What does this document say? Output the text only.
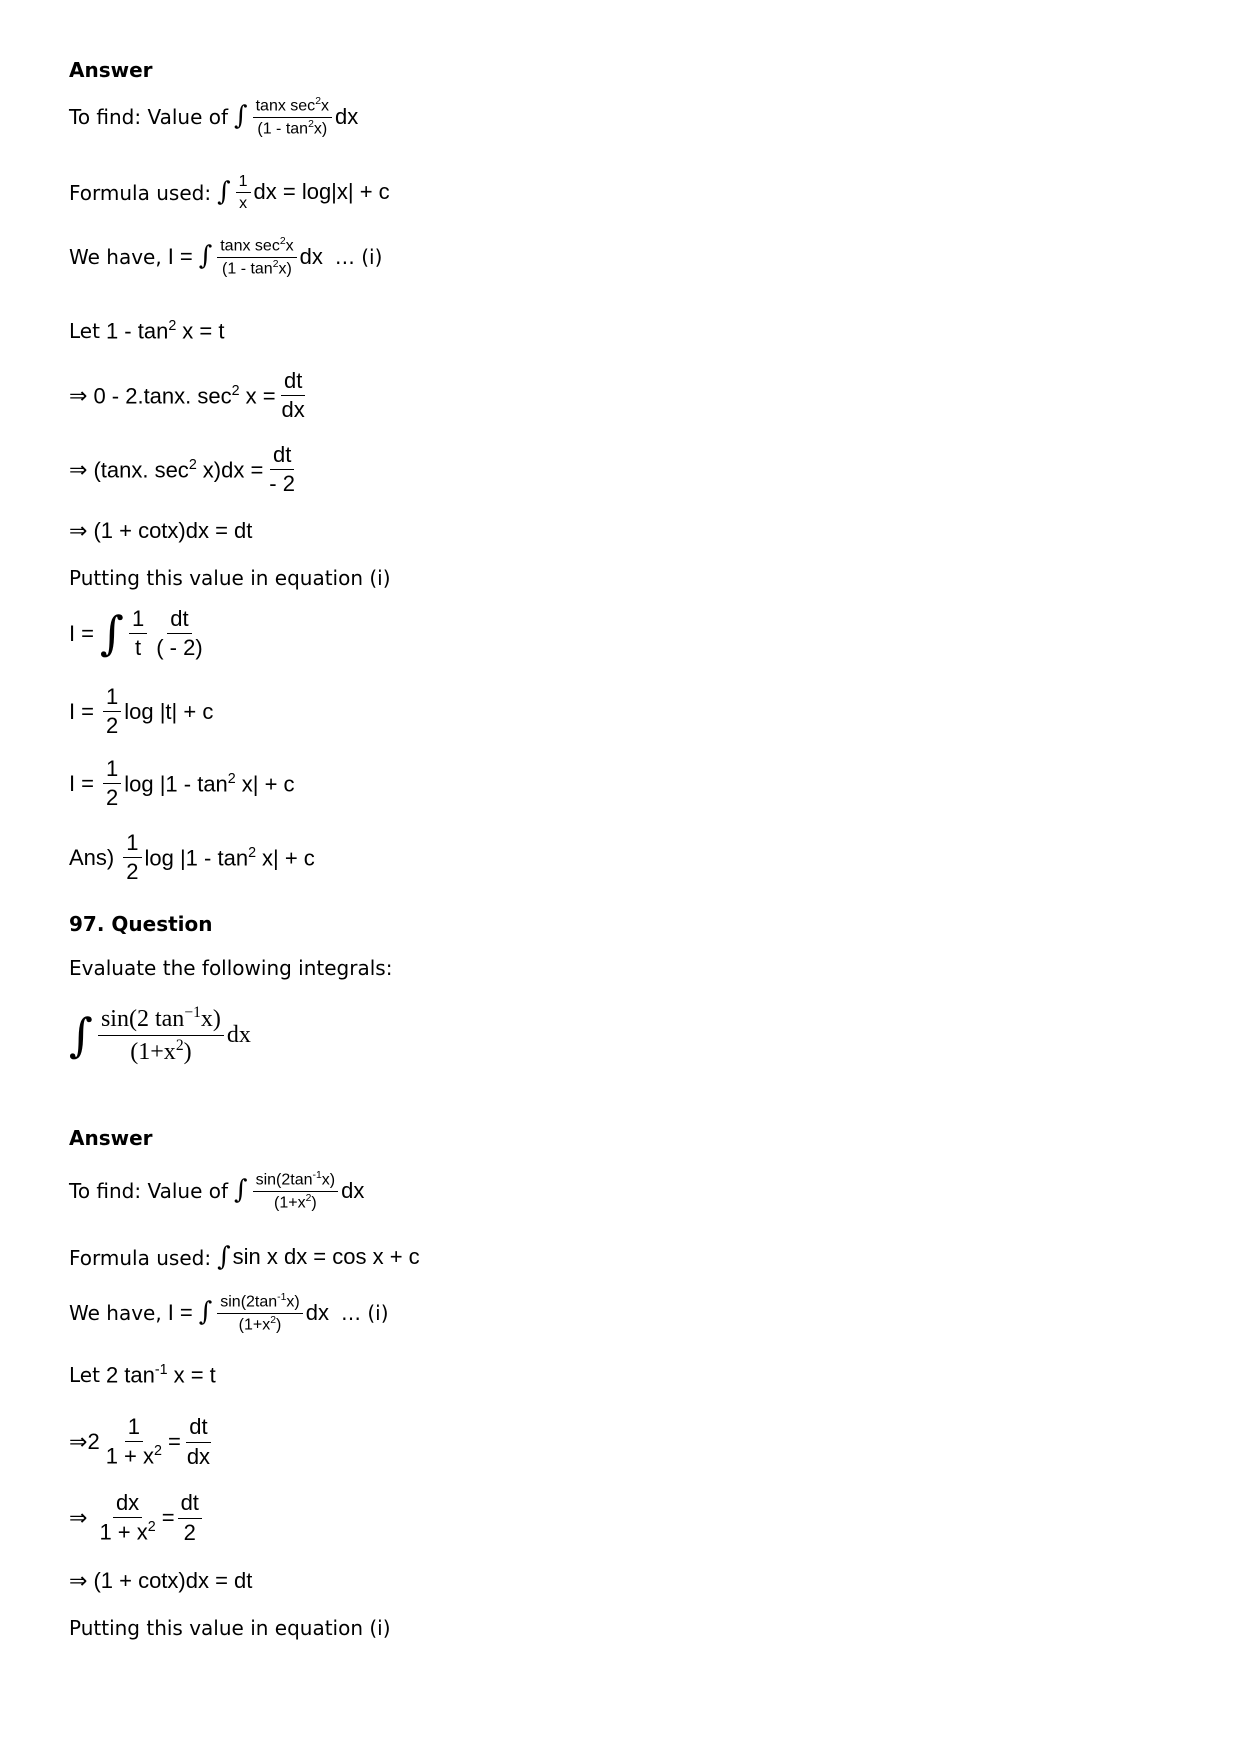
Answer
To find: Value of ∫ $\frac{\tan x \sec^2x}{(1 - \tan^2x)}$ dx
Formula used: ∫ $\frac{1}{x}$ dx = log|x| + c
We have, I = ∫ $\frac{\tan x \sec^2x}{(1 - \tan^2x)}$ dx … (i)
Let $1 - \tan^2 x = t$
⇒ 0 - 2.tanx. $\sec^2 x = \frac{dt}{dx}$
⇒ (tanx. $\sec^2 x)dx = \frac{dt}{- 2}$
⇒ (1 + cotx)dx = dt
Putting this value in equation (i)
I = ∫ $\frac{1}{t} \frac{dt}{( - 2)}$
$I = \frac{1}{2}$ log |t| + c
$I = \frac{1}{2}$ $\log |1 - \tan^2 x| + c$
$Ans) \frac{1}{2}$ $\log |1 - \tan^2 x| + c$
97. Question
Evaluate the following integrals:
∫ $\frac{\sin(2 \tan^{-1}x)}{(1+x^2)}$ dx
Answer
To find: Value of ∫ $\frac{\sin(2\tan^{-1}x)}{(1+x^2)}$ dx
Formula used: ∫ sin x dx = cos x + c
We have, I = ∫ $\frac{\sin(2\tan^{-1}x)}{(1+x^2)}$ dx … (i)
Let 2 $\tan^{-1} x = t$
⇒ $2 \frac{1}{1 + x^2} = \frac{dt}{dx}$
⇒ $\frac{dx}{1 + x^2} = \frac{dt}{2}$
⇒ (1 + cotx)dx = dt
Putting this value in equation (i)
